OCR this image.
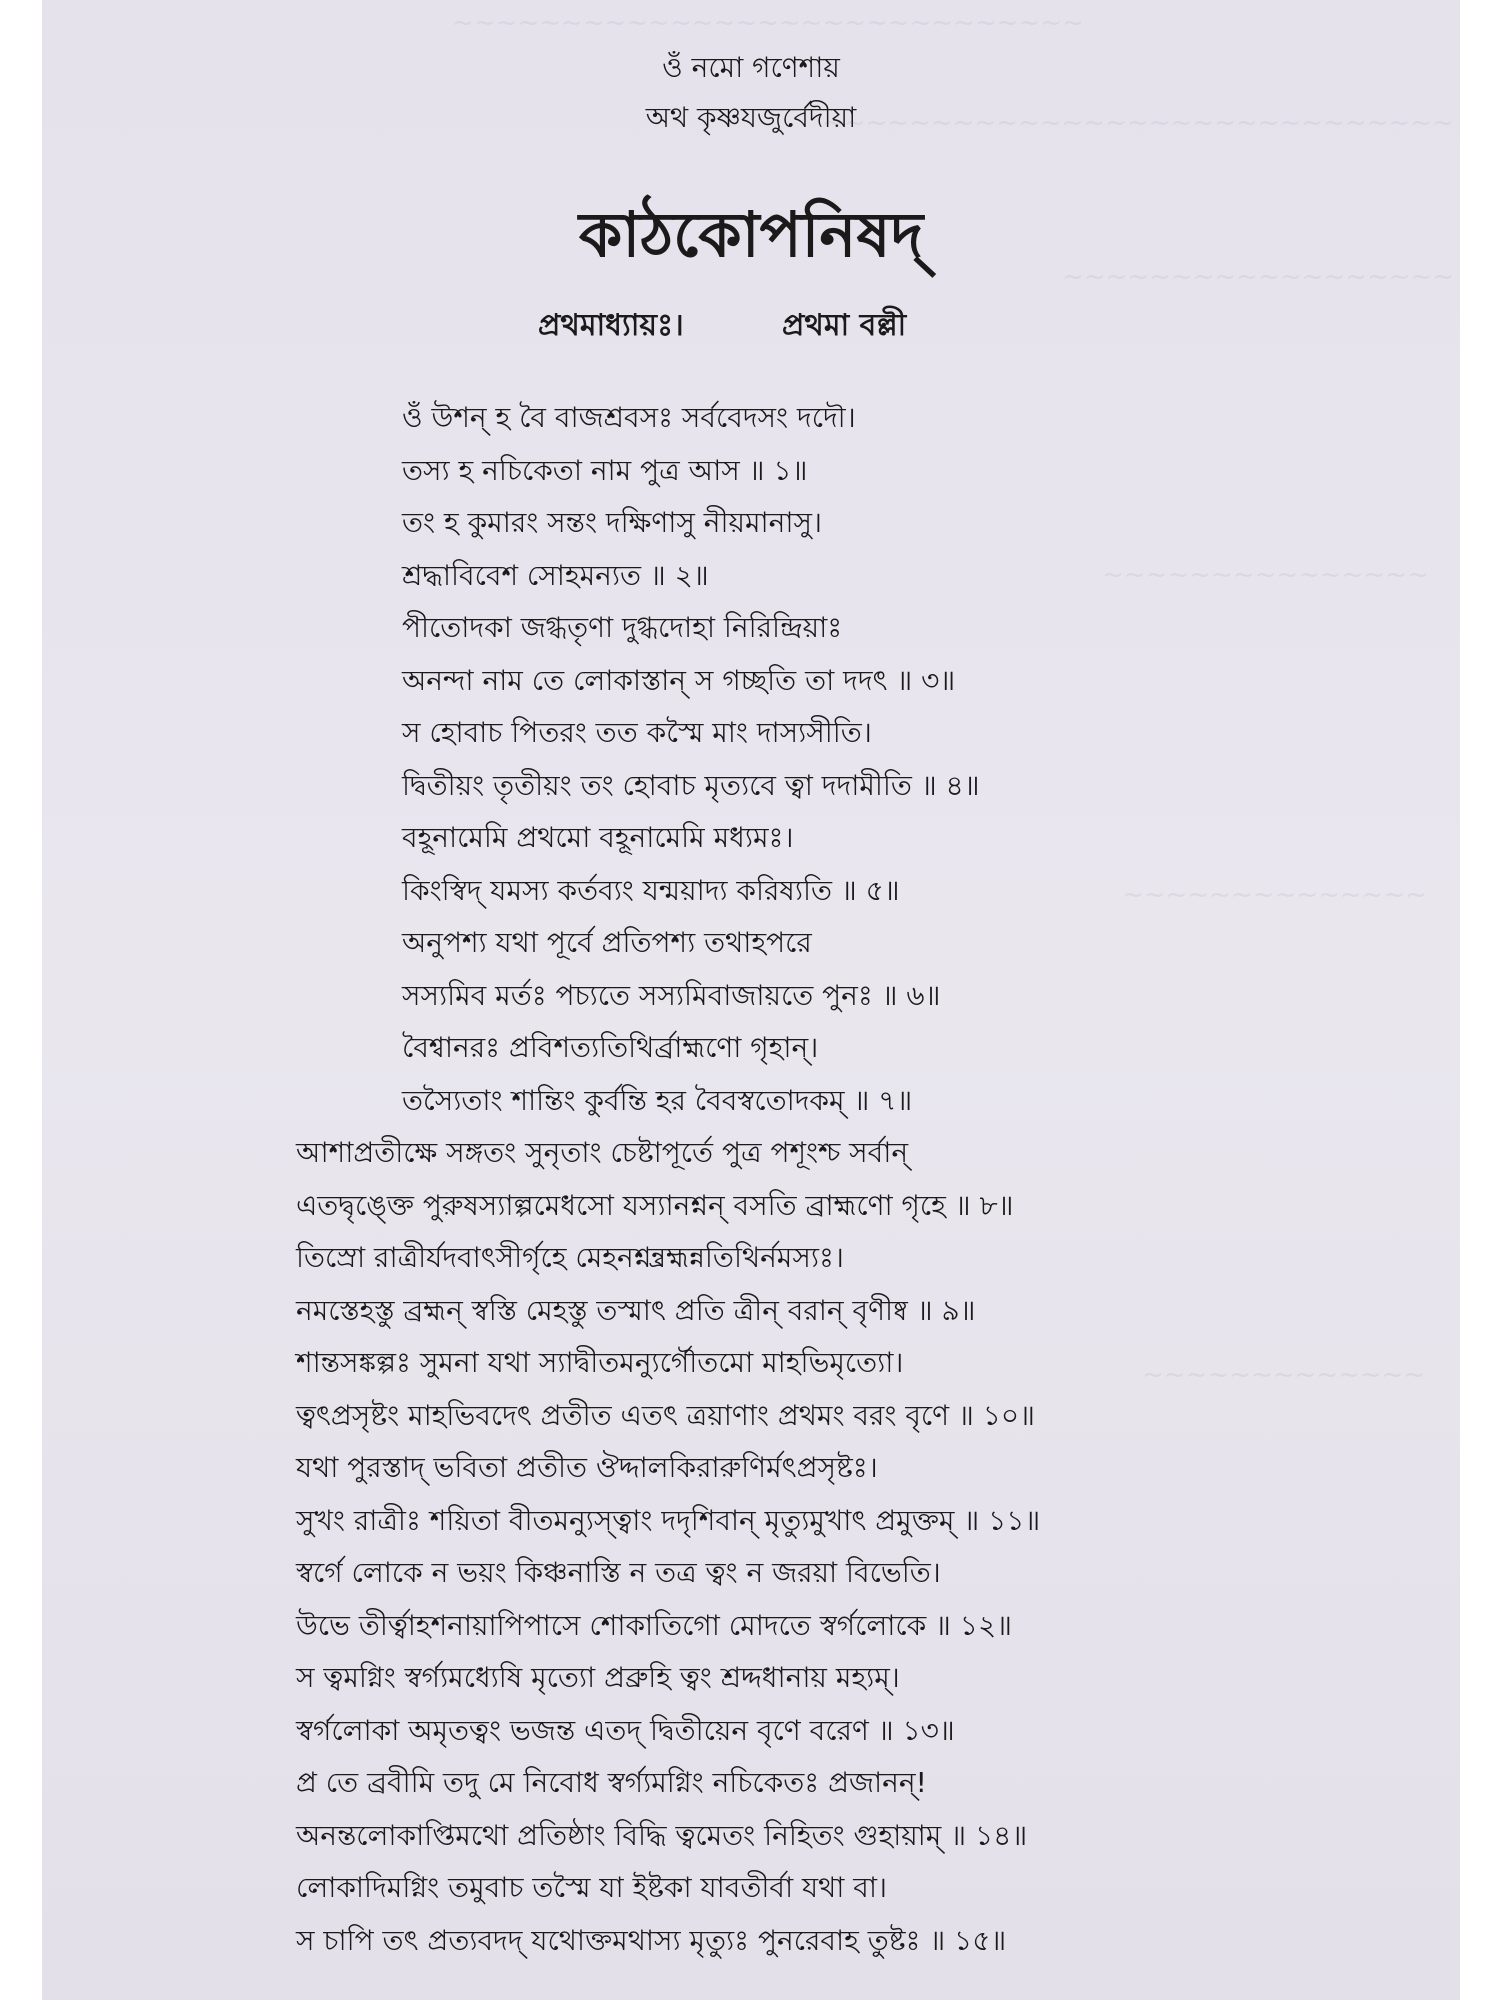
~~~~~~~~~~~~~~~~~~~~~~~~~~~~~
~~~~~~~~~~~~~~~~~~~~~~~~~~~~~
~~~~~~~~~~~~~~~~~~
~~~~~~~~~~~~~~~
~~~~~~~~~~~~~~
~~~~~~~~~~~~~
ওঁ নমো গণেশায়
অথ কৃষ্ণযজুর্বেদীয়া
কাঠকোপনিষদ্
প্রথমাধ্যায়ঃ।	প্রথমা বল্লী
ওঁ উশন্ হ বৈ বাজশ্রবসঃ সর্ববেদসং দদৌ।
তস্য হ নচিকেতা নাম পুত্র আস ॥ ১॥
তং হ কুমারং সন্তং দক্ষিণাসু নীয়মানাসু।
শ্রদ্ধাবিবেশ সোহমন্যত ॥ ২॥
পীতোদকা জগ্ধতৃণা দুগ্ধদোহা নিরিন্দ্রিয়াঃ
অনন্দা নাম তে লোকাস্তান্ স গচ্ছতি তা দদৎ ॥ ৩॥
স হোবাচ পিতরং তত কস্মৈ মাং দাস্যসীতি।
দ্বিতীয়ং তৃতীয়ং তং হোবাচ মৃত্যবে ত্বা দদামীতি ॥ ৪॥
বহূনামেমি প্রথমো বহূনামেমি মধ্যমঃ।
কিংস্বিদ্ যমস্য কর্তব্যং যন্ময়াদ্য করিষ্যতি ॥ ৫॥
অনুপশ্য যথা পূর্বে প্রতিপশ্য তথাহপরে
সস্যমিব মর্তঃ পচ্যতে সস্যমিবাজায়তে পুনঃ ॥ ৬॥
বৈশ্বানরঃ প্রবিশত্যতিথির্ব্রাহ্মণো গৃহান্।
তস্যৈতাং শান্তিং কুর্বন্তি হর বৈবস্বতোদকম্ ॥ ৭॥
আশাপ্রতীক্ষে সঙ্গতং সুনৃতাং চেষ্টাপূর্তে পুত্র পশূংশ্চ সর্বান্
এতদ্বৃঙ্ক্তে পুরুষস্যাল্পমেধসো যস্যানশ্নন্ বসতি ব্রাহ্মণো গৃহে ॥ ৮॥
তিস্রো রাত্রীর্যদবাৎসীর্গৃহে মেহনশ্নন্ব্রহ্মন্নতিথির্নমস্যঃ।
নমস্তেহস্তু ব্রহ্মন্ স্বস্তি মেহস্তু তস্মাৎ প্রতি ত্রীন্ বরান্ বৃণীষ্ব ॥ ৯॥
শান্তসঙ্কল্পঃ সুমনা যথা স্যাদ্বীতমন্যুর্গৌতমো মাহভিমৃত্যো।
ত্বৎপ্রসৃষ্টং মাহভিবদেৎ প্রতীত এতৎ ত্রয়াণাং প্রথমং বরং বৃণে ॥ ১০॥
যথা পুরস্তাদ্ ভবিতা প্রতীত ঔদ্দালকিরারুণির্মৎপ্রসৃষ্টঃ।
সুখং রাত্রীঃ শয়িতা বীতমন্যুস্ত্বাং দদৃশিবান্ মৃত্যুমুখাৎ প্রমুক্তম্ ॥ ১১॥
স্বর্গে লোকে ন ভয়ং কিঞ্চনাস্তি ন তত্র ত্বং ন জরয়া বিভেতি।
উভে তীর্ত্বাহশনায়াপিপাসে শোকাতিগো মোদতে স্বর্গলোকে ॥ ১২॥
স ত্বমগ্নিং স্বর্গ্যমধ্যেষি মৃত্যো প্রব্রুহি ত্বং শ্রদ্দধানায় মহ্যম্।
স্বর্গলোকা অমৃতত্বং ভজন্ত এতদ্ দ্বিতীয়েন বৃণে বরেণ ॥ ১৩॥
প্র তে ব্রবীমি তদু মে নিবোধ স্বর্গ্যমগ্নিং নচিকেতঃ প্রজানন্!
অনন্তলোকাপ্তিমথো প্রতিষ্ঠাং বিদ্ধি ত্বমেতং নিহিতং গুহায়াম্ ॥ ১৪॥
লোকাদিমগ্নিং তমুবাচ তস্মৈ যা ইষ্টকা যাবতীর্বা যথা বা।
স চাপি তৎ প্রত্যবদদ্ যথোক্তমথাস্য মৃত্যুঃ পুনরেবাহ তুষ্টঃ ॥ ১৫॥
